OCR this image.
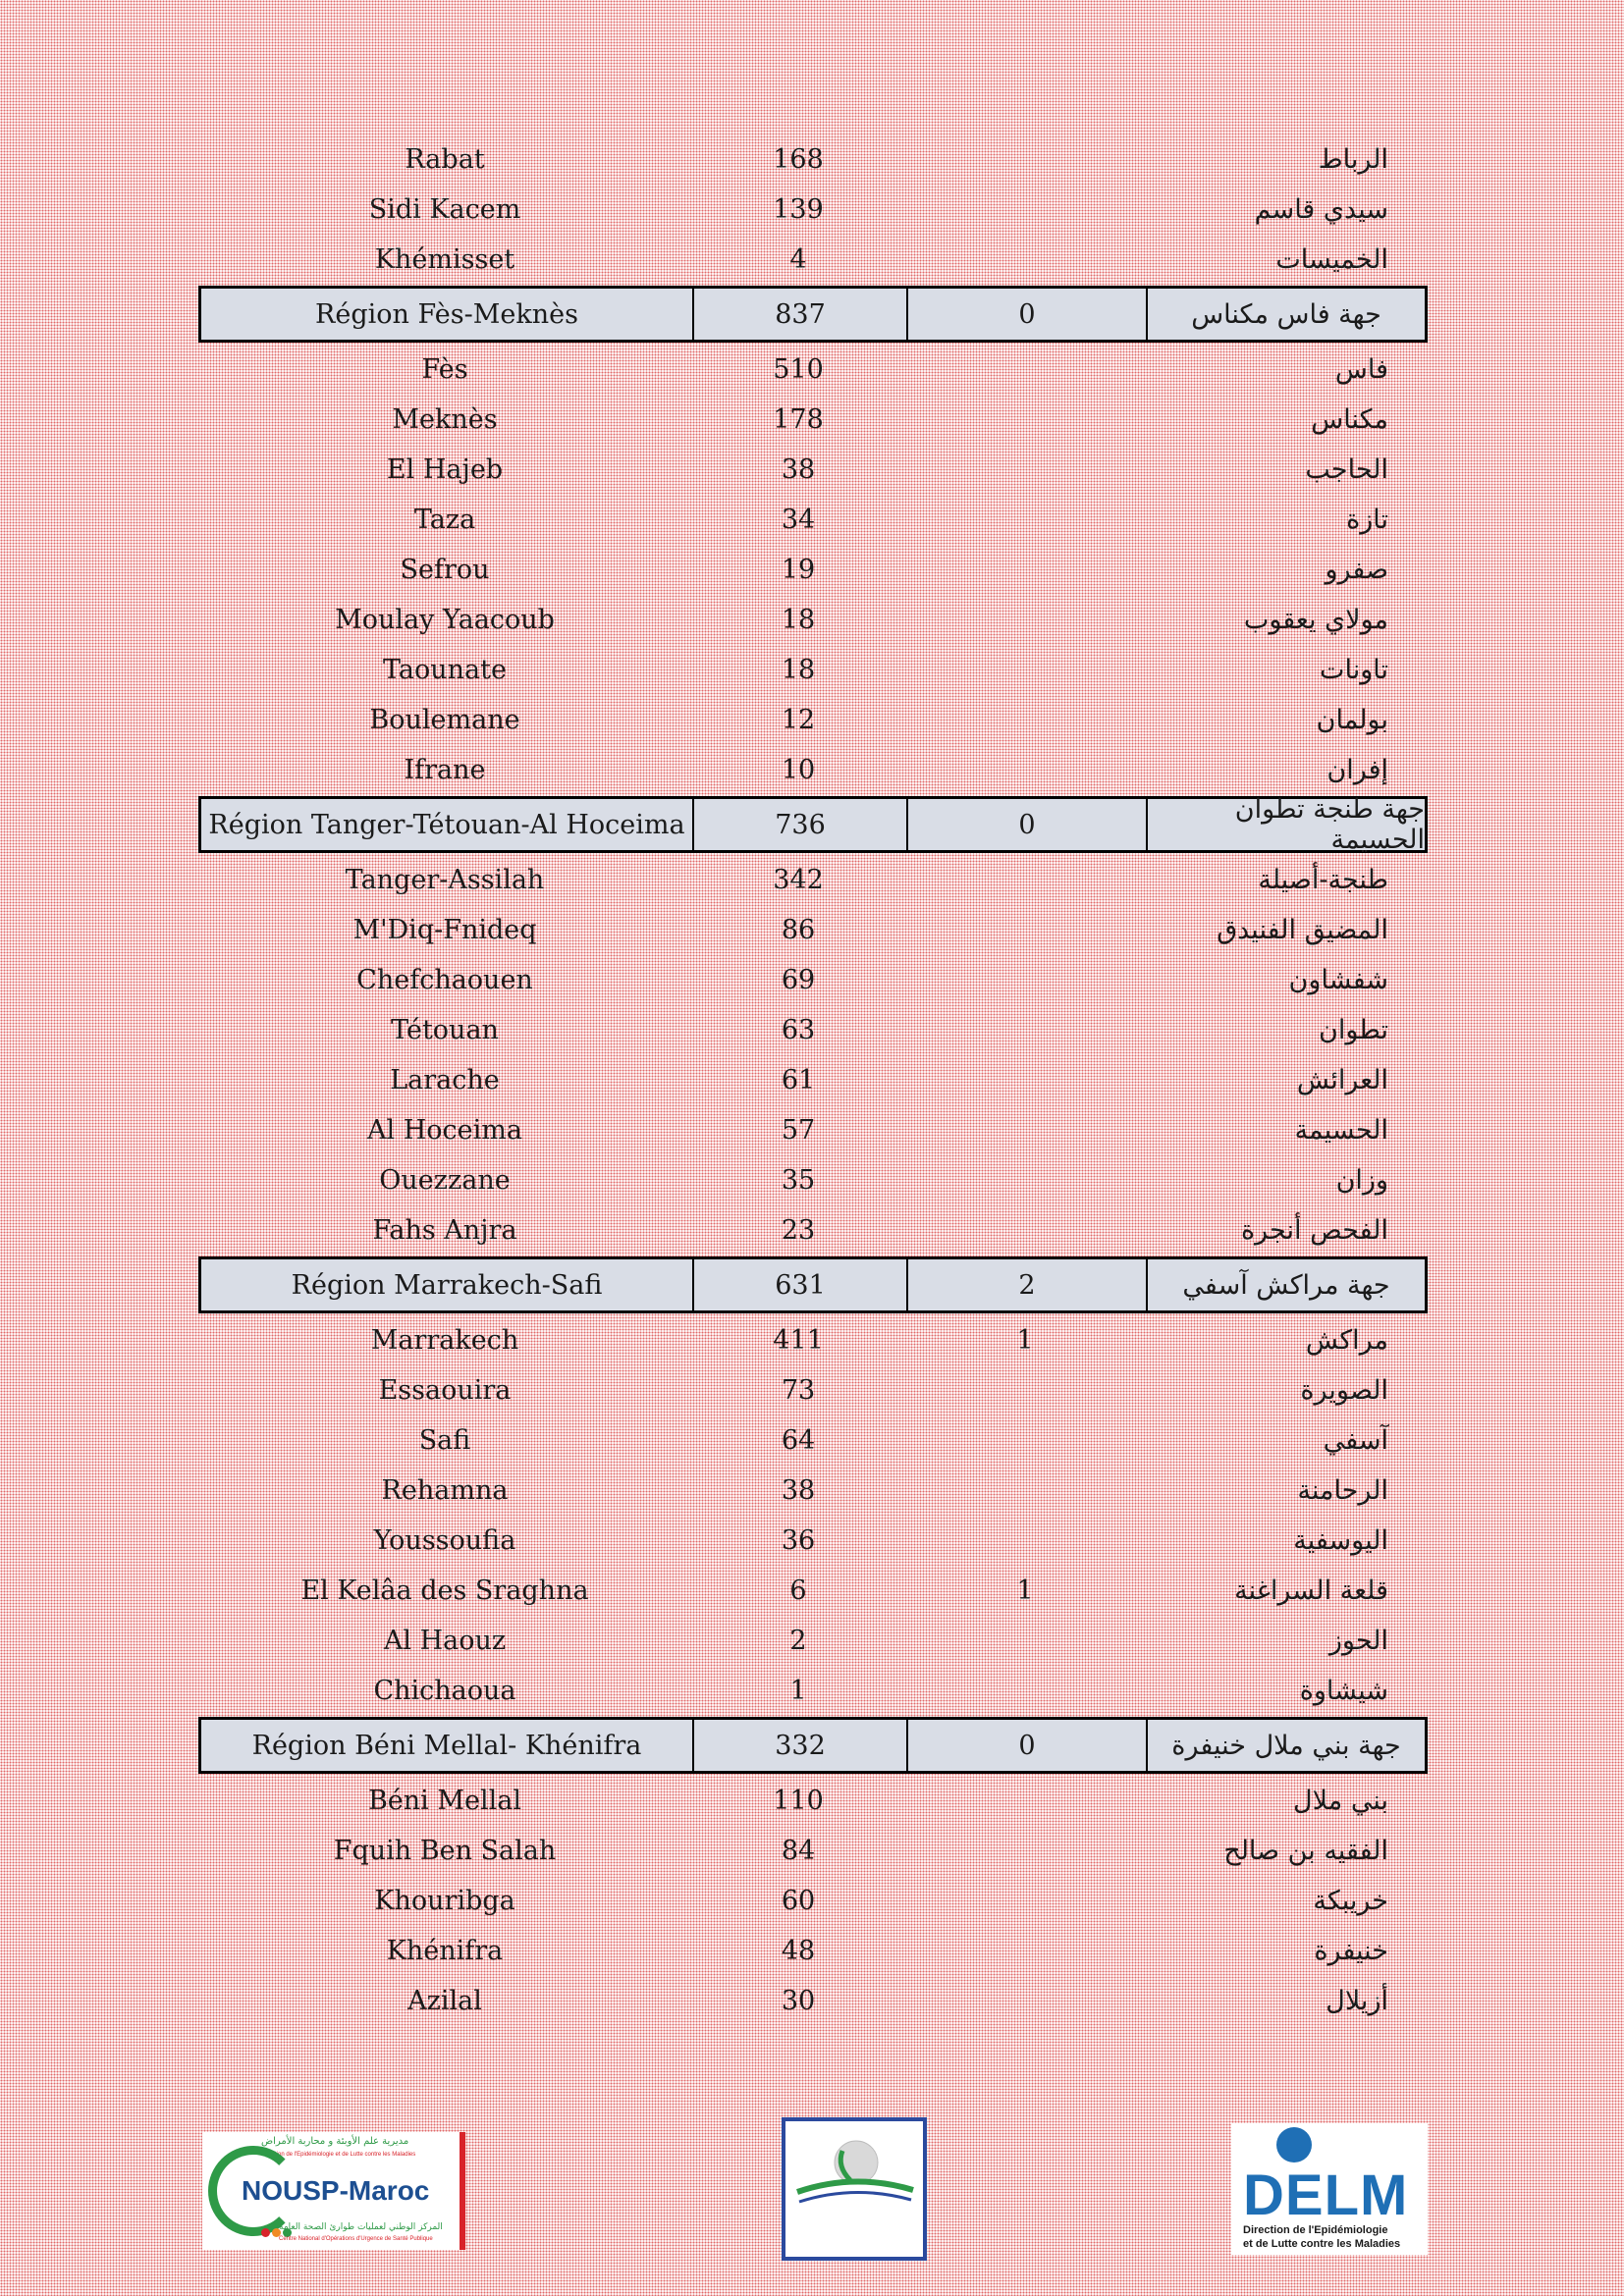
Rabat	168	الرباط
Sidi Kacem	139	سيدي قاسم
Khémisset	4	الخميسات
Région Fès-Meknès	837	0	جهة فاس مكناس
Fès	510	فاس
Meknès	178	مكناس
El Hajeb	38	الحاجب
Taza	34	تازة
Sefrou	19	صفرو
Moulay Yaacoub	18	مولاي يعقوب
Taounate	18	تاونات
Boulemane	12	بولمان
Ifrane	10	إفران
Région Tanger-Tétouan-Al Hoceima	736	0	جهة طنجة تطوان الحسيمة
Tanger-Assilah	342	طنجة-أصيلة
M'Diq-Fnideq	86	المضيق الفنيدق
Chefchaouen	69	شفشاون
Tétouan	63	تطوان
Larache	61	العرائش
Al Hoceima	57	الحسيمة
Ouezzane	35	وزان
Fahs Anjra	23	الفحص أنجرة
Région Marrakech-Safi	631	2	جهة مراكش آسفي
Marrakech	411	1	مراكش
Essaouira	73	الصويرة
Safi	64	آسفي
Rehamna	38	الرحامنة
Youssoufia	36	اليوسفية
El Kelâa des Sraghna	6	1	قلعة السراغنة
Al Haouz	2	الحوز
Chichaoua	1	شيشاوة
Région Béni Mellal- Khénifra	332	0	جهة بني ملال خنيفرة
Béni Mellal	110	بني ملال
Fquih Ben Salah	84	الفقيه بن صالح
Khouribga	60	خريبكة
Khénifra	48	خنيفرة
Azilal	30	أزيلال
مديرية علم الأوبئة و محاربة الأمراض
Direction de l'Epidémiologie et de Lutte contre les Maladies
NOUSP-Maroc
المركز الوطني لعمليات طوارئ الصحة العامة
Centre National d'Opérations d'Urgence de Santé Publique
DELM
Direction de l'Epidémiologie
et de Lutte contre les Maladies
